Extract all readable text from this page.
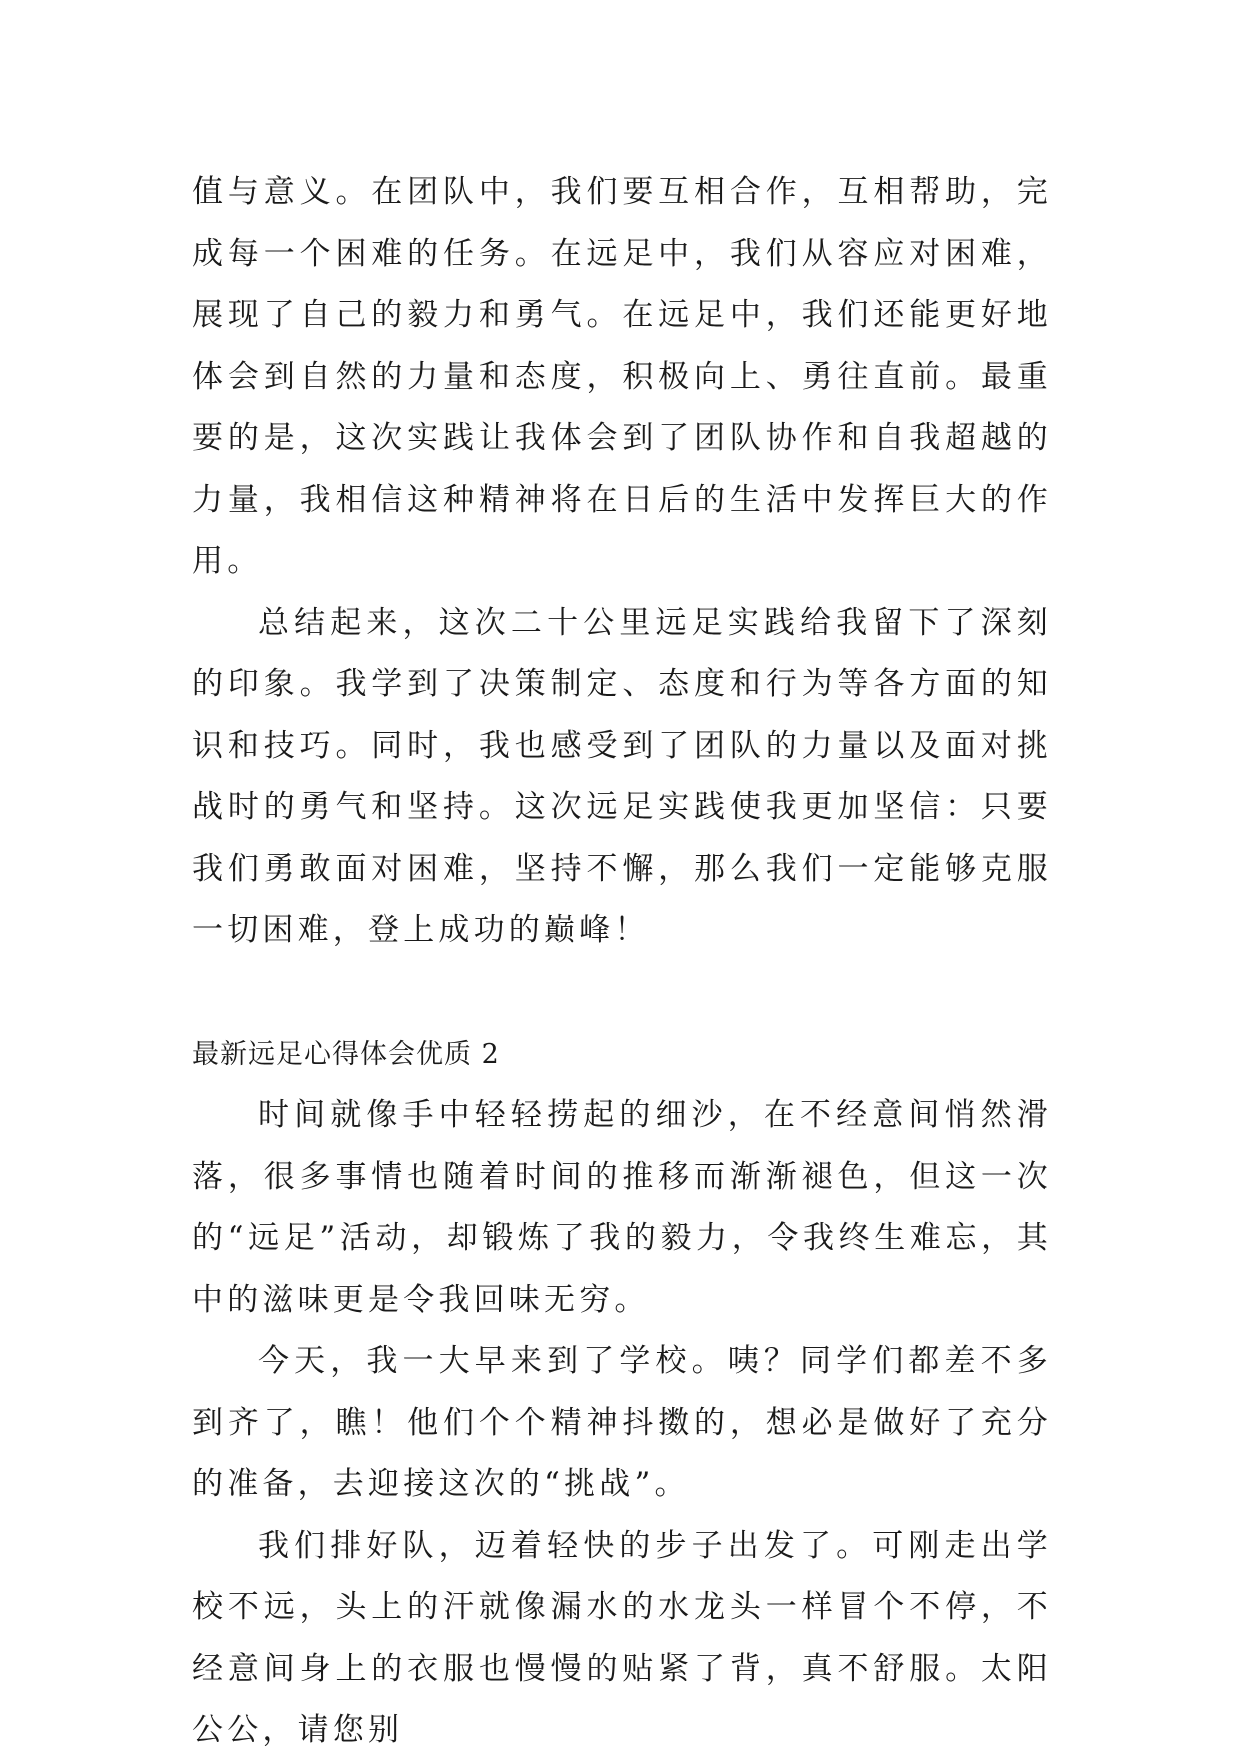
值与意义。在团队中，我们要互相合作，互相帮助，完成每一个困难的任务。在远足中，我们从容应对困难，展现了自己的毅力和勇气。在远足中，我们还能更好地体会到自然的力量和态度，积极向上、勇往直前。最重要的是，这次实践让我体会到了团队协作和自我超越的力量，我相信这种精神将在日后的生活中发挥巨大的作用。

总结起来，这次二十公里远足实践给我留下了深刻的印象。我学到了决策制定、态度和行为等各方面的知识和技巧。同时，我也感受到了团队的力量以及面对挑战时的勇气和坚持。这次远足实践使我更加坚信：只要我们勇敢面对困难，坚持不懈，那么我们一定能够克服一切困难，登上成功的巅峰！

最新远足心得体会优质 2

时间就像手中轻轻捞起的细沙，在不经意间悄然滑落，很多事情也随着时间的推移而渐渐褪色，但这一次的“远足”活动，却锻炼了我的毅力，令我终生难忘，其中的滋味更是令我回味无穷。

今天，我一大早来到了学校。咦？同学们都差不多到齐了，瞧！他们个个精神抖擞的，想必是做好了充分的准备，去迎接这次的“挑战”。

我们排好队，迈着轻快的步子出发了。可刚走出学校不远，头上的汗就像漏水的水龙头一样冒个不停，不经意间身上的衣服也慢慢的贴紧了背，真不舒服。太阳公公，请您别
